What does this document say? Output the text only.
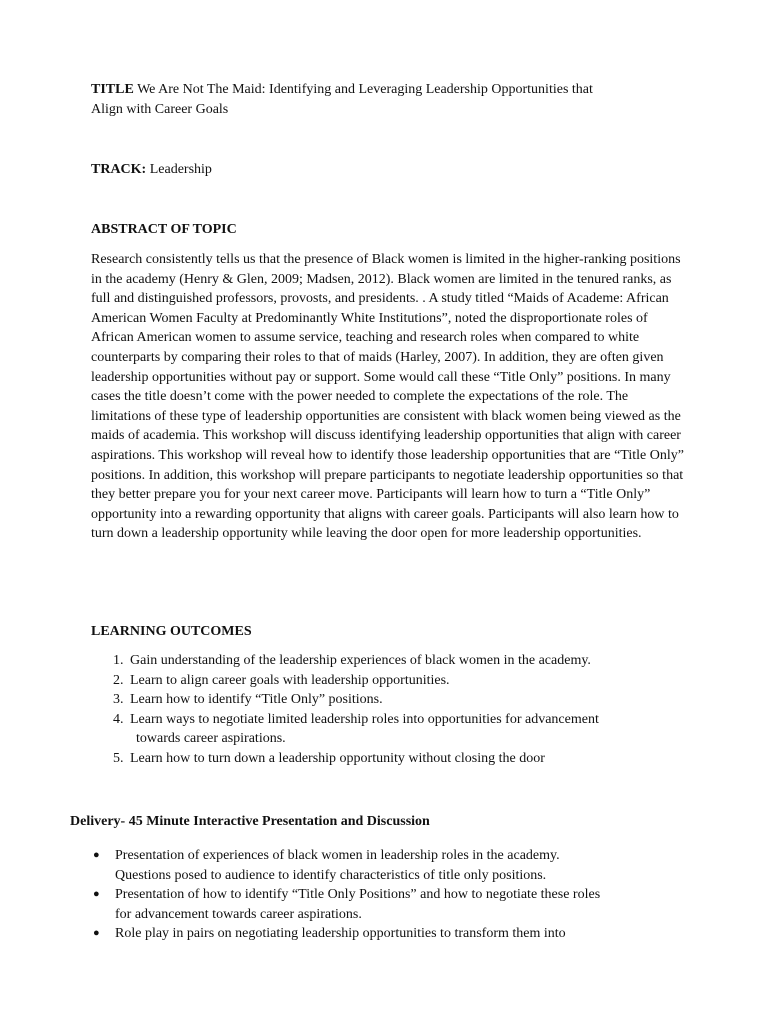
TITLE We Are Not The Maid: Identifying and Leveraging Leadership Opportunities that
Align with Career Goals

TRACK: Leadership

ABSTRACT OF TOPIC

Research consistently tells us that the presence of Black women is limited in the higher-ranking positions in the academy (Henry & Glen, 2009; Madsen, 2012). Black women are limited in the tenured ranks, as full and distinguished professors, provosts, and presidents. . A study titled “Maids of Academe: African American Women Faculty at Predominantly White Institutions”, noted the disproportionate roles of African American women to assume service, teaching and research roles when compared to white counterparts by comparing their roles to that of maids (Harley, 2007). In addition, they are often given leadership opportunities without pay or support. Some would call these “Title Only” positions. In many cases the title doesn’t come with the power needed to complete the expectations of the role. The limitations of these type of leadership opportunities are consistent with black women being viewed as the maids of academia. This workshop will discuss identifying leadership opportunities that align with career aspirations. This workshop will reveal how to identify those leadership opportunities that are “Title Only” positions. In addition, this workshop will prepare participants to negotiate leadership opportunities so that they better prepare you for your next career move. Participants will learn how to turn a “Title Only” opportunity into a rewarding opportunity that aligns with career goals. Participants will also learn how to turn down a leadership opportunity while leaving the door open for more leadership opportunities.

LEARNING OUTCOMES
1. Gain understanding of the leadership experiences of black women in the academy.
2. Learn to align career goals with leadership opportunities.
3. Learn how to identify “Title Only” positions.
4. Learn ways to negotiate limited leadership roles into opportunities for advancement
towards career aspirations.
5. Learn how to turn down a leadership opportunity without closing the door
Delivery- 45 Minute Interactive Presentation and Discussion
● Presentation of experiences of black women in leadership roles in the academy.
Questions posed to audience to identify characteristics of title only positions.
● Presentation of how to identify “Title Only Positions” and how to negotiate these roles
for advancement towards career aspirations.
● Role play in pairs on negotiating leadership opportunities to transform them into
